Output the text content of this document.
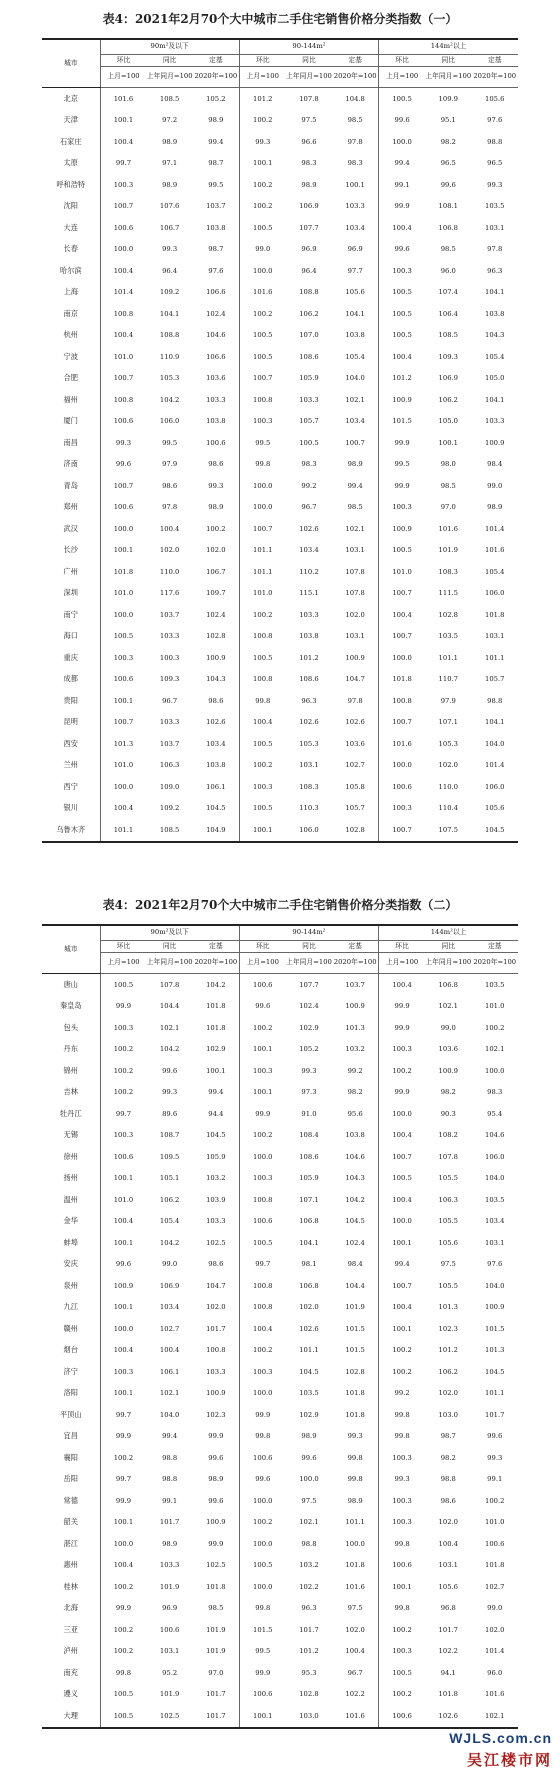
表4：2021年2月70个大中城市二手住宅销售价格分类指数（一）
城市	90m²及以下			90-144m²			144m²以上		
	环比	同比	定基	环比	同比	定基	环比	同比	定基
	上月=100	上年同月=100	2020年=100	上月=100	上年同月=100	2020年=100	上月=100	上年同月=100	2020年=100
北京	101.6	108.5	105.2	101.2	107.8	104.8	100.5	109.9	105.6
天津	100.1	97.2	98.9	100.2	97.5	98.5	99.6	95.1	97.6
石家庄	100.4	98.9	99.4	99.3	96.6	97.8	100.0	98.2	98.8
太原	99.7	97.1	98.7	100.1	98.3	98.3	99.4	96.5	96.5
呼和浩特	100.3	98.9	99.5	100.2	98.9	100.1	99.1	99.6	99.3
沈阳	100.7	107.6	103.7	100.2	106.9	103.3	99.9	108.1	103.5
大连	100.6	106.7	103.8	100.5	107.7	103.4	100.4	106.8	103.1
长春	100.0	99.3	98.7	99.0	96.9	96.9	99.6	98.5	97.8
哈尔滨	100.4	96.4	97.6	100.0	96.4	97.7	100.3	96.0	96.3
上海	101.4	109.2	106.6	101.6	108.8	105.6	100.5	107.4	104.1
南京	100.8	104.1	102.4	100.2	106.2	104.1	100.5	106.4	103.8
杭州	100.4	108.8	104.6	100.5	107.0	103.8	100.5	108.5	104.3
宁波	101.0	110.9	106.6	100.5	108.6	105.4	100.4	109.3	105.4
合肥	100.7	105.3	103.6	100.7	105.9	104.0	101.2	106.9	105.0
福州	100.8	104.2	103.3	100.8	103.3	102.1	100.9	106.2	104.1
厦门	100.6	106.0	103.8	100.3	105.7	103.4	101.5	105.0	103.3
南昌	99.3	99.5	100.6	99.5	100.5	100.7	99.9	100.1	100.9
济南	99.6	97.9	98.6	99.8	98.3	98.9	99.5	98.0	98.4
青岛	100.7	98.6	99.3	100.0	99.2	99.4	99.9	98.5	99.0
郑州	100.6	97.8	98.9	100.0	96.7	98.5	100.3	97.0	98.9
武汉	100.0	100.4	100.2	100.7	102.6	102.1	100.9	101.6	101.4
长沙	100.1	102.0	102.0	101.1	103.4	103.1	100.5	101.9	101.6
广州	101.8	110.0	106.7	101.1	110.2	107.8	101.0	108.3	105.4
深圳	101.0	117.6	109.7	101.0	115.1	107.8	100.7	111.5	106.0
南宁	100.0	103.7	102.4	100.2	103.3	102.0	100.4	102.8	101.8
海口	100.5	103.3	102.8	100.8	103.8	103.1	100.7	103.5	103.1
重庆	100.3	100.3	100.9	100.5	101.2	100.9	100.0	101.1	101.1
成都	100.6	109.3	104.3	100.8	108.6	104.7	101.8	110.7	105.7
贵阳	100.1	96.7	98.6	99.8	96.3	97.8	100.8	97.9	98.8
昆明	100.7	103.3	102.6	100.4	102.6	102.6	100.7	107.1	104.1
西安	101.3	103.7	103.4	100.5	105.3	103.6	101.6	105.3	104.0
兰州	101.0	106.3	103.8	100.2	103.1	102.7	100.0	102.0	101.4
西宁	100.0	109.0	106.1	100.3	108.3	105.8	100.6	110.0	106.0
银川	100.4	109.2	104.5	100.5	110.3	105.7	100.3	110.4	105.6
乌鲁木齐	101.1	108.5	104.9	100.1	106.0	102.8	100.7	107.5	104.5
表4：2021年2月70个大中城市二手住宅销售价格分类指数（二）
城市	90m²及以下			90-144m²			144m²以上		
	环比	同比	定基	环比	同比	定基	环比	同比	定基
	上月=100	上年同月=100	2020年=100	上月=100	上年同月=100	2020年=100	上月=100	上年同月=100	2020年=100
唐山	100.5	107.8	104.2	100.6	107.7	103.7	100.4	106.8	103.5
秦皇岛	99.9	104.4	101.8	99.6	102.4	100.9	99.9	102.1	101.0
包头	100.3	102.1	101.8	100.2	102.9	101.3	99.9	99.0	100.2
丹东	100.2	104.2	102.9	100.1	105.2	103.2	100.3	103.6	102.1
锦州	100.2	99.6	100.1	100.3	99.3	99.2	100.2	100.9	100.0
吉林	100.2	99.3	99.4	100.1	97.3	98.2	99.9	98.2	98.3
牡丹江	99.7	89.6	94.4	99.9	91.0	95.6	100.0	90.3	95.4
无锡	100.3	108.7	104.5	100.2	108.4	103.8	100.4	108.2	104.6
徐州	100.6	109.5	105.9	100.0	108.6	104.6	100.7	107.8	106.0
扬州	100.1	105.1	103.2	100.3	105.9	104.3	100.5	105.5	104.0
温州	101.0	106.2	103.9	100.8	107.1	104.2	100.4	106.3	103.5
金华	100.4	105.4	103.3	100.6	106.8	104.5	100.0	105.5	103.4
蚌埠	100.1	104.2	102.5	100.5	104.1	102.4	100.1	105.6	103.1
安庆	99.6	99.0	98.6	99.7	98.1	98.4	99.4	97.5	97.6
泉州	100.9	106.9	104.7	100.8	106.8	104.4	100.7	105.5	104.0
九江	100.1	103.4	102.0	100.8	102.0	101.9	100.4	101.3	100.9
赣州	100.0	102.7	101.7	100.4	102.6	101.5	100.1	102.3	101.5
烟台	100.4	100.4	100.8	100.2	101.1	101.5	100.2	101.2	101.3
济宁	100.3	106.1	103.3	100.3	104.5	102.8	100.2	106.2	104.5
洛阳	100.1	102.1	100.9	100.0	103.5	101.8	99.2	102.0	101.1
平顶山	99.7	104.0	102.3	99.9	102.9	101.8	99.8	103.0	101.7
宜昌	99.9	99.4	99.9	99.8	98.9	99.3	99.8	98.7	99.6
襄阳	100.2	98.8	99.6	100.6	99.6	99.8	100.3	98.2	99.3
岳阳	99.7	98.8	98.9	99.6	100.0	99.8	99.3	98.8	99.1
常德	99.9	99.1	99.6	100.0	97.5	98.9	100.3	98.6	100.2
韶关	100.1	101.7	100.9	100.2	102.1	101.1	100.3	102.0	101.0
湛江	100.0	98.9	99.9	100.0	98.8	100.0	99.8	100.4	100.6
惠州	100.4	103.3	102.5	100.5	103.2	101.8	100.6	103.1	101.8
桂林	100.2	101.9	101.8	100.0	102.2	101.6	100.1	105.6	102.7
北海	99.9	96.9	98.5	99.8	96.3	97.5	99.8	96.8	99.0
三亚	100.2	100.6	101.9	101.5	101.7	102.0	100.2	101.7	102.0
泸州	100.2	103.1	101.9	99.5	101.2	100.4	100.3	102.2	101.4
南充	99.8	95.2	97.0	99.9	95.3	96.7	100.5	94.1	96.0
遵义	100.5	101.9	101.7	100.6	102.8	102.2	100.2	101.8	101.6
大理	100.5	102.5	101.7	100.1	103.0	101.6	100.6	102.6	102.1
WJLS.com.cn
吴江楼市网
